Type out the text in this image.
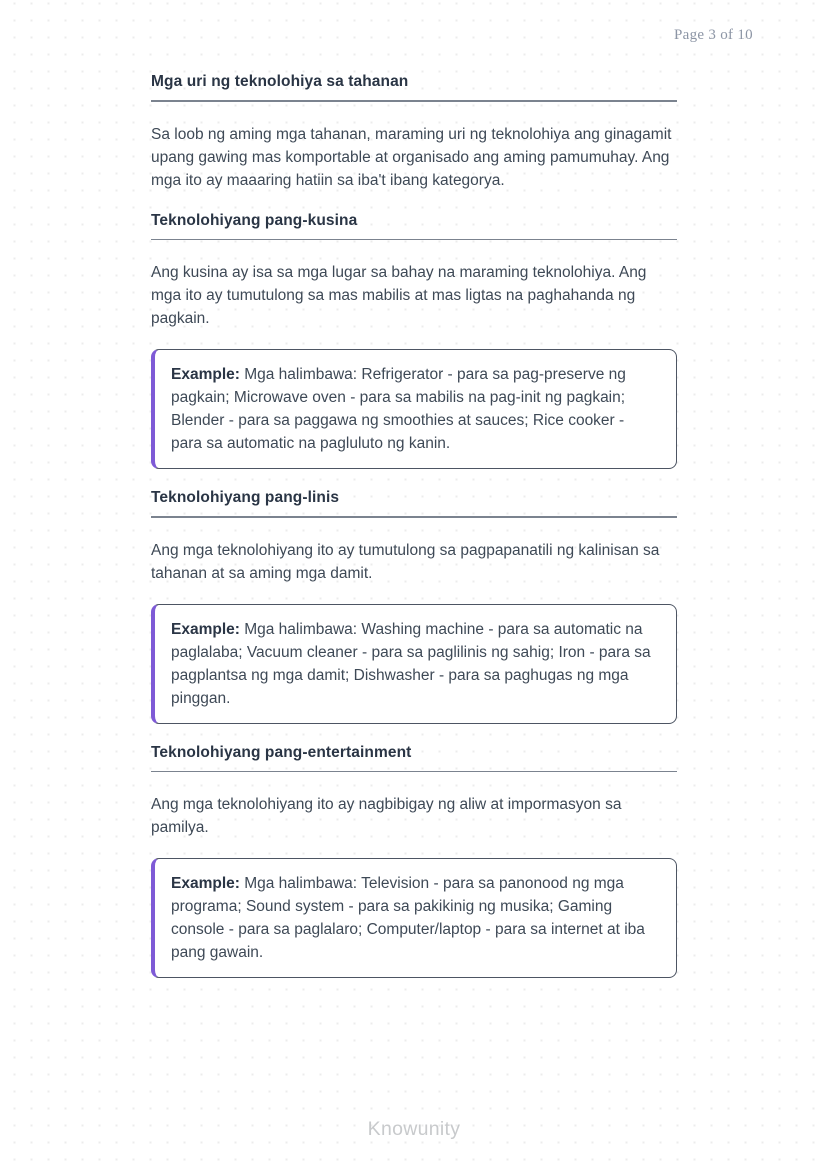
Page 3 of 10
Mga uri ng teknolohiya sa tahanan

Sa loob ng aming mga tahanan, maraming uri ng teknolohiya ang ginagamit upang gawing mas komportable at organisado ang aming pamumuhay. Ang mga ito ay maaaring hatiin sa iba't ibang kategorya.

Teknolohiyang pang-kusina

Ang kusina ay isa sa mga lugar sa bahay na maraming teknolohiya. Ang mga ito ay tumutulong sa mas mabilis at mas ligtas na paghahanda ng pagkain.

Example: Mga halimbawa: Refrigerator - para sa pag-preserve ng pagkain; Microwave oven - para sa mabilis na pag-init ng pagkain; Blender - para sa paggawa ng smoothies at sauces; Rice cooker - para sa automatic na pagluluto ng kanin.
Teknolohiyang pang-linis

Ang mga teknolohiyang ito ay tumutulong sa pagpapanatili ng kalinisan sa tahanan at sa aming mga damit.

Example: Mga halimbawa: Washing machine - para sa automatic na paglalaba; Vacuum cleaner - para sa paglilinis ng sahig; Iron - para sa pagplantsa ng mga damit; Dishwasher - para sa paghugas ng mga pinggan.
Teknolohiyang pang-entertainment

Ang mga teknolohiyang ito ay nagbibigay ng aliw at impormasyon sa pamilya.

Example: Mga halimbawa: Television - para sa panonood ng mga programa; Sound system - para sa pakikinig ng musika; Gaming console - para sa paglalaro; Computer/laptop - para sa internet at iba pang gawain.
Knowunity
